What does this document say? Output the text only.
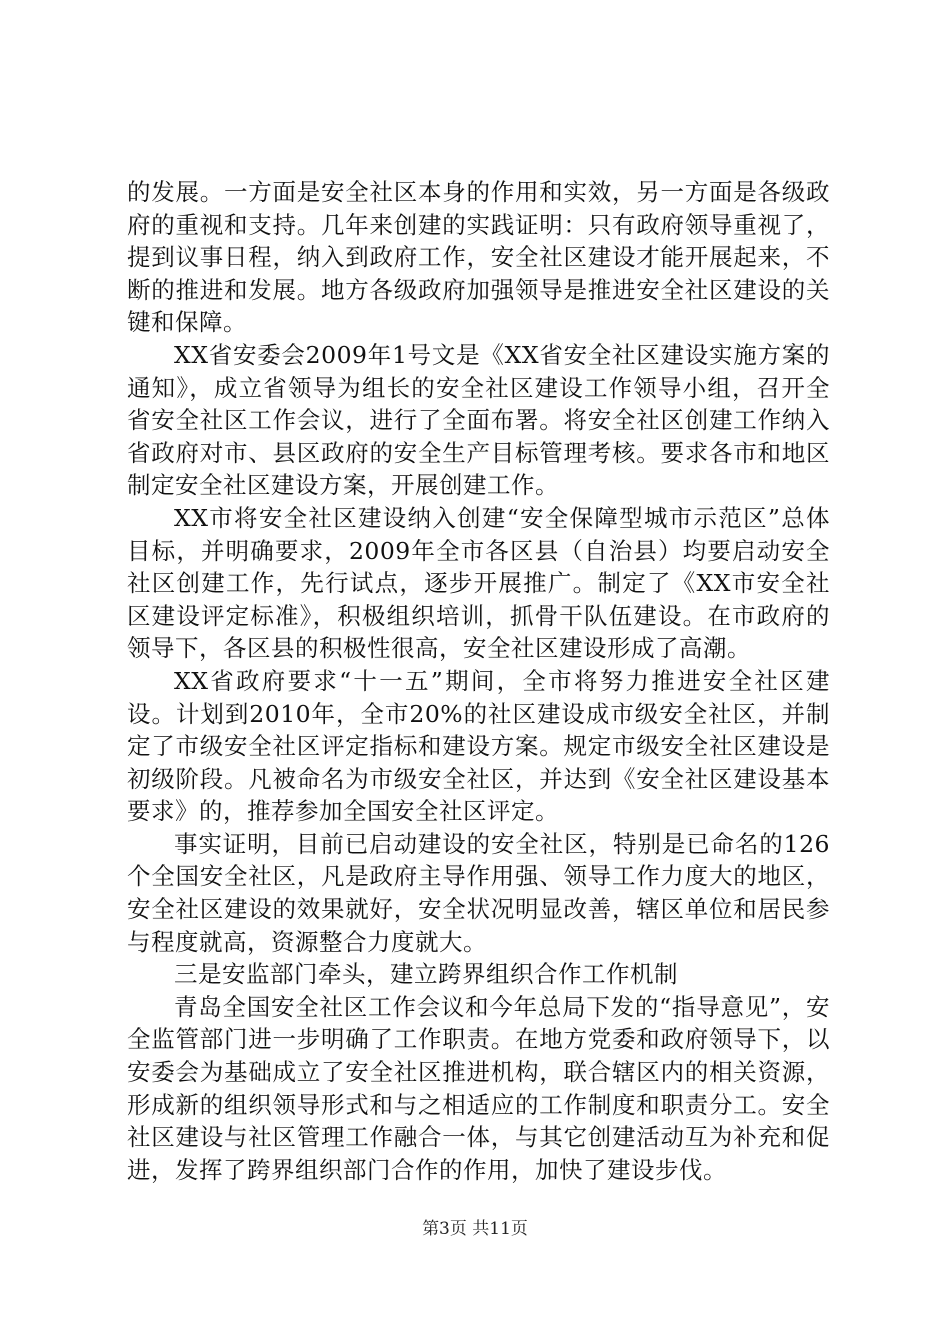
的发展。一方面是安全社区本身的作用和实效，另一方面是各级政府的重视和支持。几年来创建的实践证明：只有政府领导重视了，提到议事日程，纳入到政府工作，安全社区建设才能开展起来，不断的推进和发展。地方各级政府加强领导是推进安全社区建设的关键和保障。

XX省安委会2009年1号文是《XX省安全社区建设实施方案的通知》，成立省领导为组长的安全社区建设工作领导小组，召开全省安全社区工作会议，进行了全面布署。将安全社区创建工作纳入省政府对市、县区政府的安全生产目标管理考核。要求各市和地区制定安全社区建设方案，开展创建工作。

XX市将安全社区建设纳入创建“安全保障型城市示范区”总体目标，并明确要求，2009年全市各区县（自治县）均要启动安全社区创建工作，先行试点，逐步开展推广。制定了《XX市安全社区建设评定标准》，积极组织培训，抓骨干队伍建设。在市政府的领导下，各区县的积极性很高，安全社区建设形成了高潮。

XX省政府要求“十一五”期间，全市将努力推进安全社区建设。计划到2010年，全市20%的社区建设成市级安全社区，并制定了市级安全社区评定指标和建设方案。规定市级安全社区建设是初级阶段。凡被命名为市级安全社区，并达到《安全社区建设基本要求》的，推荐参加全国安全社区评定。

事实证明，目前已启动建设的安全社区，特别是已命名的126个全国安全社区，凡是政府主导作用强、领导工作力度大的地区，安全社区建设的效果就好，安全状况明显改善，辖区单位和居民参与程度就高，资源整合力度就大。

三是安监部门牵头，建立跨界组织合作工作机制

青岛全国安全社区工作会议和今年总局下发的“指导意见”，安全监管部门进一步明确了工作职责。在地方党委和政府领导下，以安委会为基础成立了安全社区推进机构，联合辖区内的相关资源，形成新的组织领导形式和与之相适应的工作制度和职责分工。安全社区建设与社区管理工作融合一体，与其它创建活动互为补充和促进，发挥了跨界组织部门合作的作用，加快了建设步伐。

第3页 共11页
